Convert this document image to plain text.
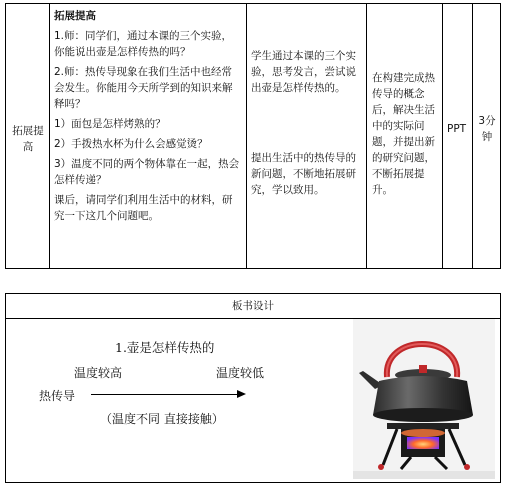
拓展提高
拓展提高
1.师：同学们，通过本课的三个实验，你能说出壶是怎样传热的吗？
2.师：热传导现象在我们生活中也经常会发生。你能用今天所学到的知识来解释吗？
1）面包是怎样烤熟的？
2）手拨热水杯为什么会感觉烫？
3）温度不同的两个物体靠在一起，热会怎样传递？
课后，请同学们利用生活中的材料，研究一下这几个问题吧。
学生通过本课的三个实验，思考发言，尝试说出壶是怎样传热的。
提出生活中的热传导的新问题，不断地拓展研究，学以致用。
在构建完成热传导的概念后，解决生活中的实际问题，并提出新的研究问题，不断拓展提升。
PPT
3分钟
板书设计
1.壶是怎样传热的
温度较高	温度较低
热传导
（温度不同 直接接触）
